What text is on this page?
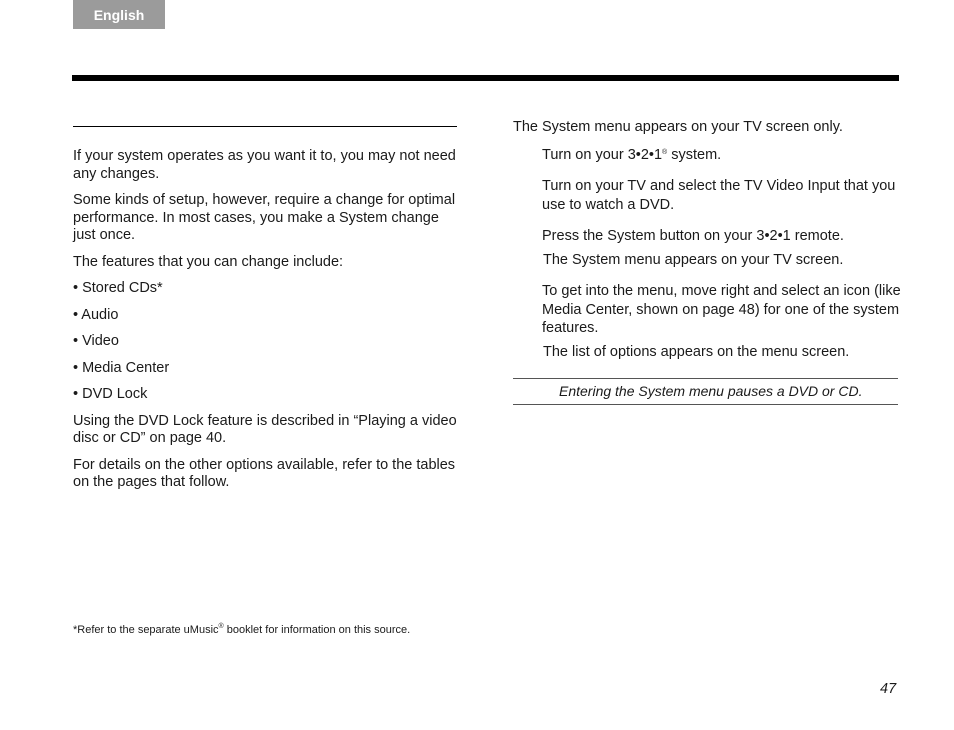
English

If your system operates as you want it to, you may not need any changes.

Some kinds of setup, however, require a change for optimal performance. In most cases, you make a System change just once.

The features that you can change include:

• Stored CDs*
• Audio
• Video
• Media Center
• DVD Lock

Using the DVD Lock feature is described in “Playing a video disc or CD” on page 40.

For details on the other options available, refer to the tables on the pages that follow.

*Refer to the separate uMusic® booklet for information on this source.
The System menu appears on your TV screen only.
Turn on your 3•2•1® system.
Turn on your TV and select the TV Video Input that you use to watch a DVD.
Press the System button on your 3•2•1 remote.
The System menu appears on your TV screen.
To get into the menu, move right and select an icon (like Media Center, shown on page 48) for one of the system features.
The list of options appears on the menu screen.
Entering the System menu pauses a DVD or CD.
47
